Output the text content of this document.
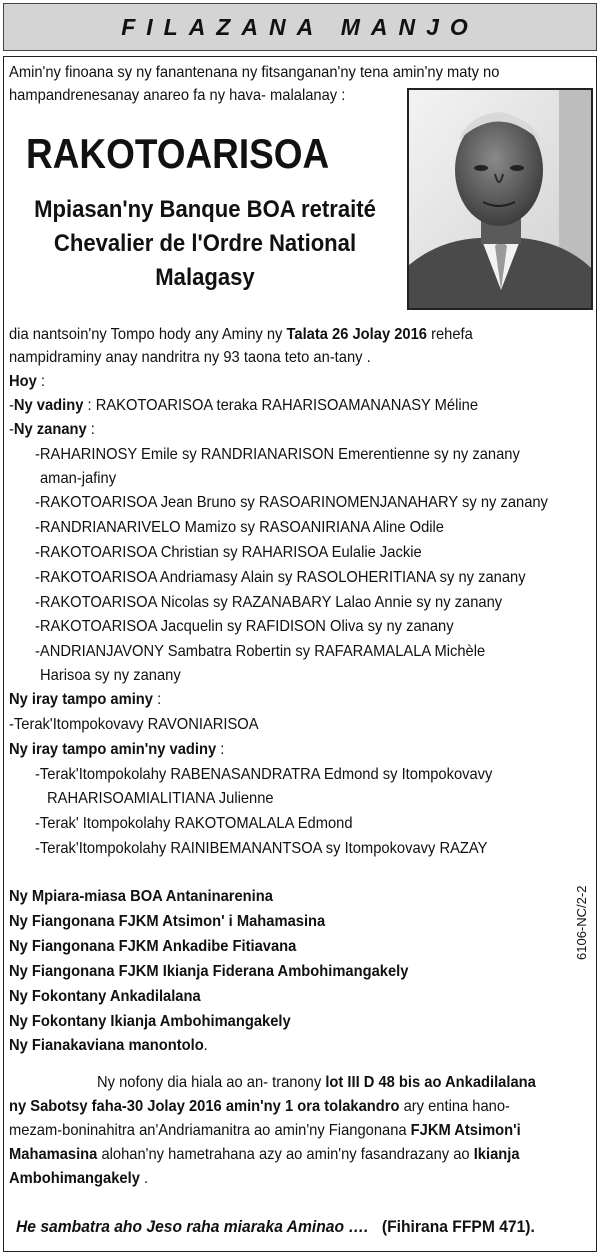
FILAZANA MANJO
Amin'ny finoana sy ny fanantenana ny fitsanganan'ny tena amin'ny maty no
hampandrenesanay anareo fa ny hava- malalanay :
RAKOTOARISOA
Mpiasan'ny Banque BOA retraité
Chevalier de l'Ordre National
Malagasy
dia nantsoin'ny Tompo hody any Aminy ny Talata 26 Jolay 2016 rehefa
nampidraminy anay nandritra ny 93 taona teto an-tany .
Hoy :
-Ny vadiny : RAKOTOARISOA teraka RAHARISOAMANANASY Méline
-Ny zanany :
-RAHARINOSY Emile sy RANDRIANARISON Emerentienne sy ny zanany
aman-jafiny
-RAKOTOARISOA Jean Bruno sy RASOARINOMENJANAHARY sy ny zanany
-RANDRIANARIVELO Mamizo sy RASOANIRIANA Aline Odile
-RAKOTOARISOA Christian sy RAHARISOA Eulalie Jackie
-RAKOTOARISOA Andriamasy Alain sy RASOLOHERITIANA sy ny zanany
-RAKOTOARISOA Nicolas sy RAZANABARY Lalao Annie sy ny zanany
-RAKOTOARISOA Jacquelin sy RAFIDISON Oliva sy ny zanany
-ANDRIANJAVONY Sambatra Robertin sy RAFARAMALALA Michèle
Harisoa sy ny zanany
Ny iray tampo aminy :
-Terak'Itompokovavy RAVONIARISOA
Ny iray tampo amin'ny vadiny :
-Terak'Itompokolahy RABENASANDRATRA Edmond sy Itompokovavy
RAHARISOAMIALITIANA Julienne
-Terak' Itompokolahy RAKOTOMALALA Edmond
-Terak'Itompokolahy RAINIBEMANANTSOA sy Itompokovavy RAZAY
Ny Mpiara-miasa BOA Antaninarenina
Ny Fiangonana FJKM Atsimon' i Mahamasina
Ny Fiangonana FJKM Ankadibe Fitiavana
Ny Fiangonana FJKM Ikianja Fiderana Ambohimangakely
Ny Fokontany Ankadilalana
Ny Fokontany Ikianja Ambohimangakely
Ny Fianakaviana manontolo.
6106-NC/2-2
Ny nofony dia hiala ao an- tranony lot III D 48 bis ao Ankadilalana
ny Sabotsy faha-30 Jolay 2016 amin'ny 1 ora tolakandro ary entina hano-
mezam-boninahitra an'Andriamanitra ao amin'ny Fiangonana FJKM Atsimon'i
Mahamasina alohan'ny hametrahana azy ao amin'ny fasandrazany ao Ikianja
Ambohimangakely .
He sambatra aho Jeso raha miaraka Aminao …. (Fihirana FFPM 471).
